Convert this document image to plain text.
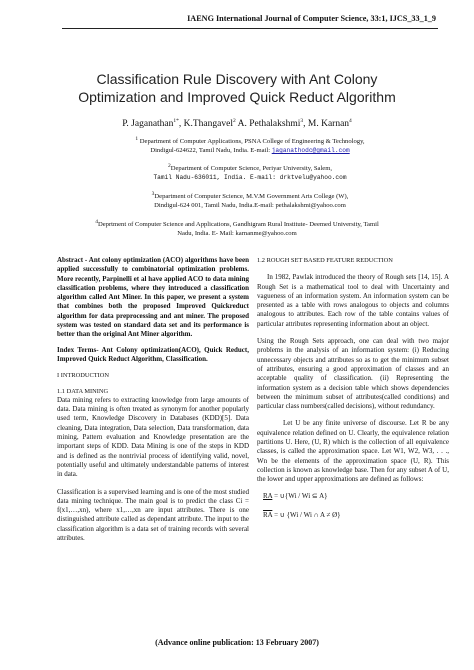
IAENG International Journal of Computer Science, 33:1, IJCS_33_1_9
Classification Rule Discovery with Ant Colony
Optimization and Improved Quick Reduct Algorithm
P. Jaganathan$^{1*}$, K.Thangavel$^2$ A. Pethalakshmi$^3$, M. Karnan$^4$
$^1$ Department of Computer Applications, PSNA College of Engineering & Technology,
Dindigul-624622, Tamil Nadu, India. E-mail: jaganathodc@gmail.com
$^2$Department of Computer Science, Periyar University, Salem,
Tamil Nadu-636011, India. E-mail: drktvelu@yahoo.com
$^3$Department of Computer Science, M.V.M Government Arts College (W),
Dindigul-624 001, Tamil Nadu, India.E-mail: pethalakshmi@yahoo.com
$^4$Deprtment of Computer Science and Applications, Gandhigram Rural Institute- Deemed University, Tamil
Nadu, India. E- Mail: karnanme@yahoo.com
Abstract - Ant colony optimization (ACO) algorithms have been applied successfully to combinatorial optimization problems. More recently, Parpinelli et al have applied ACO to data mining classification problems, where they introduced a classification algorithm called Ant Miner. In this paper, we present a system that combines both the proposed Improved Quickreduct algorithm for data preprocessing and ant miner. The proposed system was tested on standard data set and its performance is better than the original Ant Miner algorithm.
Index Terms- Ant Colony optimization(ACO), Quick Reduct, Improved Quick Reduct Algorithm, Classification.
I INTRODUCTION
1.1 DATA MINING
Data mining refers to extracting knowledge from large amounts of data. Data mining is often treated as synonym for another popularly used term, Knowledge Discovery in Databases (KDD)[5]. Data cleaning, Data integration, Data selection, Data transformation, data mining, Pattern evaluation and Knowledge presentation are the important steps of KDD. Data Mining is one of the steps in KDD and is defined as the nontrivial process of identifying valid, novel, potentially useful and ultimately understandable patterns of interest in data.
Classification is a supervised learning and is one of the most studied data mining technique. The main goal is to predict the class Ci = f(x1,…,xn), where x1,…,xn are input attributes. There is one distinguished attribute called as dependant attribute. The input to the classification algorithm is a data set of training records with several attributes.
1.2 ROUGH SET BASED FEATURE REDUCTION
In 1982, Pawlak introduced the theory of Rough sets [14, 15]. A Rough Set is a mathematical tool to deal with Uncertainty and vagueness of an information system. An information system can be presented as a table with rows analogous to objects and columns analogous to attributes. Each row of the table contains values of particular attributes representing information about an object.
Using the Rough Sets approach, one can deal with two major problems in the analysis of an information system: (i) Reducing unnecessary objects and attributes so as to get the minimum subset of attributes, ensuring a good approximation of classes and an acceptable quality of classification. (ii) Representing the information system as a decision table which shows dependencies between the minimum subset of attributes(called conditions) and particular class numbers(called decisions), without redundancy.
Let U be any finite universe of discourse. Let R be any equivalence relation defined on U. Clearly, the equivalence relation partitions U. Here, (U, R) which is the collection of all equivalence classes, is called the approximation space. Let W1, W2, W3, . . ., Wn be the elements of the approximation space (U, R). This collection is known as knowledge base. Then for any subset A of U, the lower and upper approximations are defined as follows:
RA = ∪{Wi / Wi ⊆ A}
$\overline{RA}$ = ∪ {Wi / Wi ∩ A ≠ Ø}
(Advance online publication: 13 February 2007)
